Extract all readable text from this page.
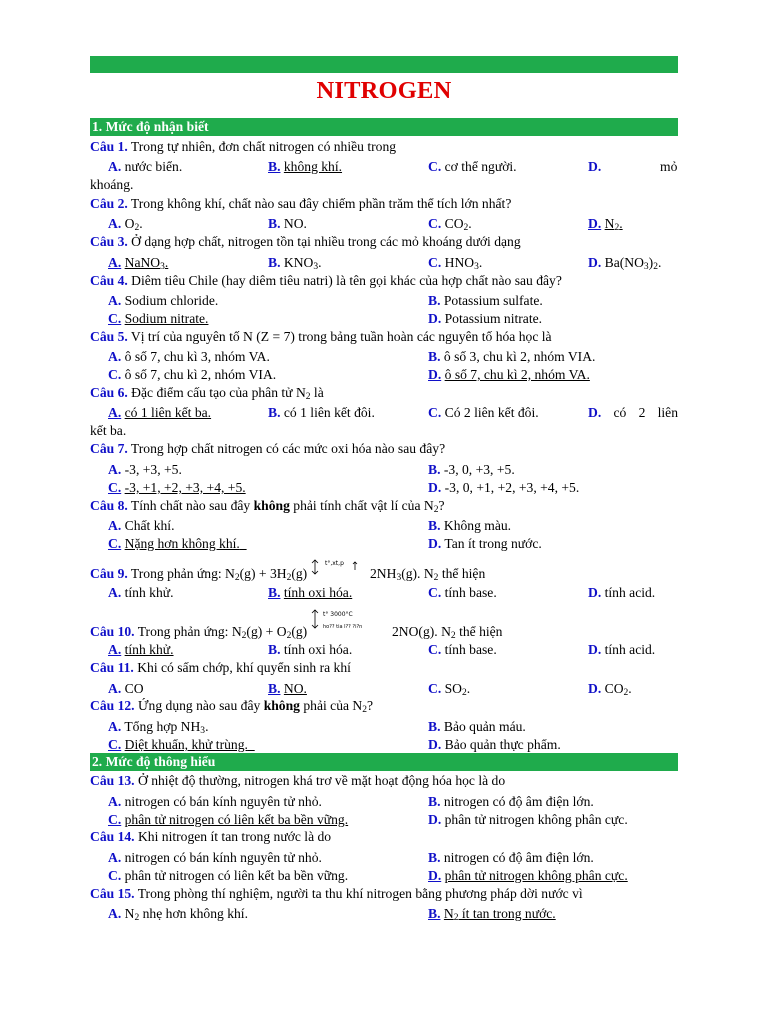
NITROGEN
1. Mức độ nhận biết
Câu 1. Trong tự nhiên, đơn chất nitrogen có nhiều trong
A. nước biển.	B. không khí.	C. cơ thể người.	D.	mỏ
khoáng.
Câu 2. Trong không khí, chất nào sau đây chiếm phần trăm thể tích lớn nhất?
A. $O_2$.	B. NO.	C. $CO_2$.	D. $N_2$.
Câu 3. Ở dạng hợp chất, nitrogen tồn tại nhiều trong các mỏ khoáng dưới dạng
A. NaNO$_3$.	B. $KNO_3$.	C. $HNO_3$.	D. $Ba(NO_3)_2$.
Câu 4. Diêm tiêu Chile (hay diêm tiêu natri) là tên gọi khác của hợp chất nào sau đây?
A. Sodium chloride.	B. Potassium sulfate.
C. Sodium nitrate.	D. Potassium nitrate.
Câu 5. Vị trí của nguyên tố N (Z = 7) trong bảng tuần hoàn các nguyên tố hóa học là
A. ô số 7, chu kì 3, nhóm VA.	B. ô số 3, chu kì 2, nhóm VIA.
C. ô số 7, chu kì 2, nhóm VIA.	D. ô số 7, chu kì 2, nhóm VA.
Câu 6. Đặc điểm cấu tạo của phân tử $N_2$ là
A. có 1 liên kết ba.	B. có 1 liên kết đôi.	C. Có 2 liên kết đôi.	D. có 2 liên
kết ba.
Câu 7. Trong hợp chất nitrogen có các mức oxi hóa nào sau đây?
A. -3, +3, +5.	B. -3, 0, +3, +5.
C. -3, +1, +2, +3, +4, +5.	D. -3, 0, +1, +2, +3, +4, +5.
Câu 8. Tính chất nào sau đây không phải tính chất vật lí của $N_2$?
A. Chất khí.	B. Không màu.
C. Nặng hơn không khí.	D. Tan ít trong nước.
Câu 9. Trong phản ứng: $N_2(g) + 3H_2(g)$
t°,xt,p
$2NH_3(g)$. $N_2$ thể hiện
A. tính khử.	B. tính oxi hóa.	C. tính base.	D. tính acid.
Câu 10. Trong phản ứng: $N_2(g) + O_2(g)$
t° 3000°C
ho?? tia l?? ?i?n 2NO(g). $N_2$ thể hiện
A. tính khử.	B. tính oxi hóa.	C. tính base.	D. tính acid.
Câu 11. Khi có sấm chớp, khí quyển sinh ra khí
A. CO	B. NO.	C. $SO_2$.	D. $CO_2$.
Câu 12. Ứng dụng nào sau đây không phải của $N_2$?
A. Tổng hợp $NH_3$.	B. Bảo quản máu.
C. Diệt khuẩn, khử trùng.	D. Bảo quản thực phẩm.
2. Mức độ thông hiểu
Câu 13. Ở nhiệt độ thường, nitrogen khá trơ về mặt hoạt động hóa học là do
A. nitrogen có bán kính nguyên tử nhỏ.	B. nitrogen có độ âm điện lớn.
C. phân tử nitrogen có liên kết ba bền vững.	D. phân tử nitrogen không phân cực.
Câu 14. Khi nitrogen ít tan trong nước là do
A. nitrogen có bán kính nguyên tử nhỏ.	B. nitrogen có độ âm điện lớn.
C. phân tử nitrogen có liên kết ba bền vững.	D. phân tử nitrogen không phân cực.
Câu 15. Trong phòng thí nghiệm, người ta thu khí nitrogen bằng phương pháp dời nước vì
A. $N_2$ nhẹ hơn không khí.	B. $N_2$ ít tan trong nước.
